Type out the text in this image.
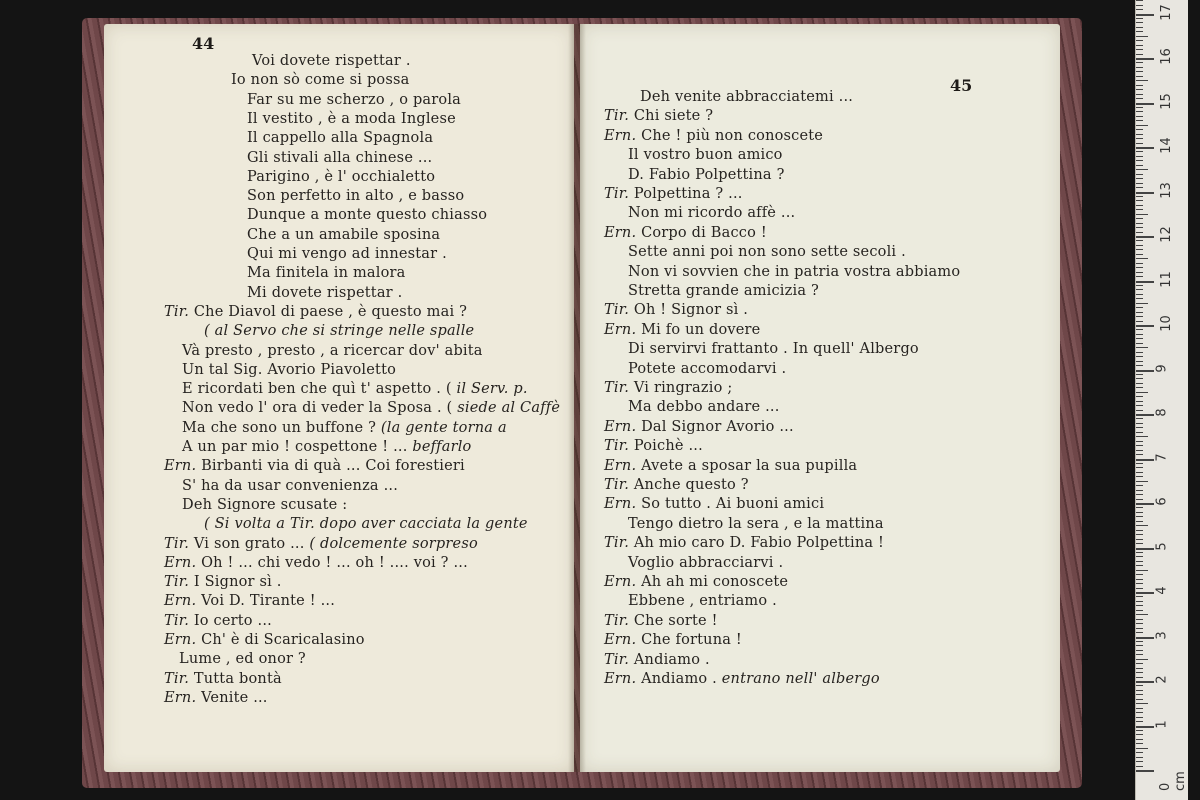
44
Voi dovete rispettar .
Io non sò come si possa
Far su me scherzo , o parola
Il vestito , è a moda Inglese
Il cappello alla Spagnola
Gli stivali alla chinese ...
Parigino , è l' occhialetto
Son perfetto in alto , e basso
Dunque a monte questo chiasso
Che a un amabile sposina
Qui mi vengo ad innestar .
Ma finitela in malora
Mi dovete rispettar .
Tir. Che Diavol di paese , è questo mai ?
( al Servo che si stringe nelle spalle
Và presto , presto , a ricercar dov' abita
Un tal Sig. Avorio Piavoletto
E ricordati ben che quì t' aspetto . ( il Serv. p.
Non vedo l' ora di veder la Sposa . ( siede al Caffè
Ma che sono un buffone ? (la gente torna a
A un par mio ! cospettone ! ... beffarlo
Ern. Birbanti via di quà ... Coi forestieri
S' ha da usar convenienza ...
Deh Signore scusate :
( Si volta a Tir. dopo aver cacciata la gente
Tir. Vi son grato ... ( dolcemente sorpreso
Ern. Oh ! ... chi vedo ! ... oh ! .... voi ? ...
Tir. I Signor sì .
Ern. Voi D. Tirante ! ...
Tir. Io certo ...
Ern. Ch' è di Scaricalasino
Lume , ed onor ?
Tir. Tutta bontà
Ern. Venite ...
45
Deh venite abbracciatemi ...
Tir. Chi siete ?
Ern. Che ! più non conoscete
Il vostro buon amico
D. Fabio Polpettina ?
Tir. Polpettina ? ...
Non mi ricordo affè ...
Ern. Corpo di Bacco !
Sette anni poi non sono sette secoli .
Non vi sovvien che in patria vostra abbiamo
Stretta grande amicizia ?
Tir. Oh ! Signor sì .
Ern. Mi fo un dovere
Di servirvi frattanto . In quell' Albergo
Potete accomodarvi .
Tir. Vi ringrazio ;
Ma debbo andare ...
Ern. Dal Signor Avorio ...
Tir. Poichè ...
Ern. Avete a sposar la sua pupilla
Tir. Anche questo ?
Ern. So tutto . Ai buoni amici
Tengo dietro la sera , e la mattina
Tir. Ah mio caro D. Fabio Polpettina !
Voglio abbracciarvi .
Ern. Ah ah mi conoscete
Ebbene , entriamo .
Tir. Che sorte !
Ern. Che fortuna !
Tir. Andiamo .
Ern. Andiamo . entrano nell' albergo
0 cm
1
2
3
4
5
6
7
8
9
10
11
12
13
14
15
16
17
